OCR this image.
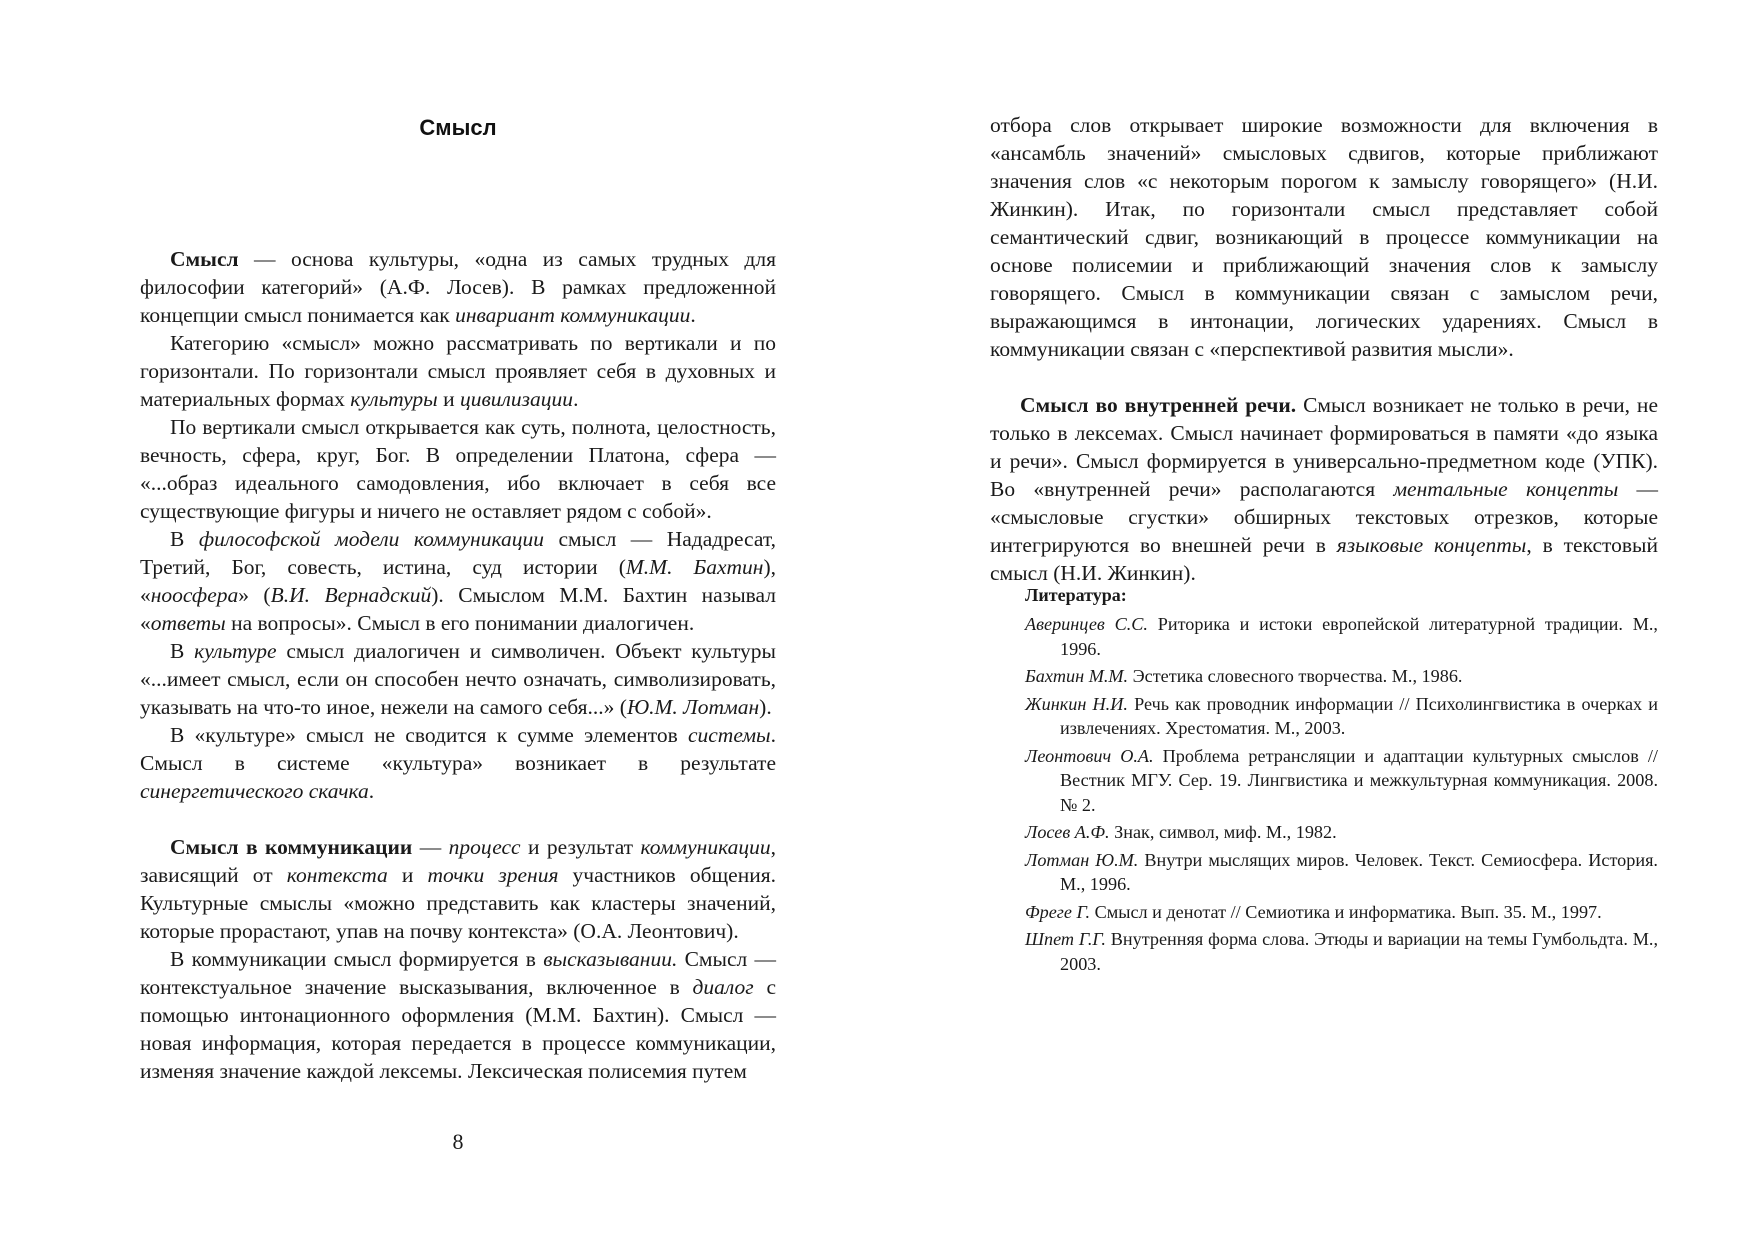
Смысл

Смысл — основа культуры, «одна из самых трудных для философии категорий» (А.Ф. Лосев). В рамках предложенной концепции смысл понимается как инвариант коммуникации.

Категорию «смысл» можно рассматривать по вертикали и по горизонтали. По горизонтали смысл проявляет себя в духовных и материальных формах культуры и цивилизации.

По вертикали смысл открывается как суть, полнота, целостность, вечность, сфера, круг, Бог. В определении Платона, сфера — «...образ идеального самодовления, ибо включает в себя все существующие фигуры и ничего не оставляет рядом с собой».

В философской модели коммуникации смысл — Нададресат, Третий, Бог, совесть, истина, суд истории (М.М. Бахтин), «ноосфера» (В.И. Вернадский). Смыслом М.М. Бахтин называл «ответы на вопросы». Смысл в его понимании диалогичен.

В культуре смысл диалогичен и символичен. Объект культуры «...имеет смысл, если он способен нечто означать, символизировать, указывать на что-то иное, нежели на самого себя...» (Ю.М. Лотман).

В «культуре» смысл не сводится к сумме элементов системы. Смысл в системе «культура» возникает в результате синергетического скачка.

Смысл в коммуникации — процесс и результат коммуникации, зависящий от контекста и точки зрения участников общения. Культурные смыслы «можно представить как кластеры значений, которые прорастают, упав на почву контекста» (О.А. Леонтович).

В коммуникации смысл формируется в высказывании. Смысл — контекстуальное значение высказывания, включенное в диалог с помощью интонационного оформления (М.М. Бахтин). Смысл — новая информация, которая передается в процессе коммуникации, изменяя значение каждой лексемы. Лексическая полисемия путем

8

отбора слов открывает широкие возможности для включения в «ансамбль значений» смысловых сдвигов, которые приближают значения слов «с некоторым порогом к замыслу говорящего» (Н.И. Жинкин). Итак, по горизонтали смысл представляет собой семантический сдвиг, возникающий в процессе коммуникации на основе полисемии и приближающий значения слов к замыслу говорящего. Смысл в коммуникации связан с замыслом речи, выражающимся в интонации, логических ударениях. Смысл в коммуникации связан с «перспективой развития мысли».

Смысл во внутренней речи. Смысл возникает не только в речи, не только в лексемах. Смысл начинает формироваться в памяти «до языка и речи». Смысл формируется в универсально-предметном коде (УПК). Во «внутренней речи» располагаются ментальные концепты — «смысловые сгустки» обширных текстовых отрезков, которые интегрируются во внешней речи в языковые концепты, в текстовый смысл (Н.И. Жинкин).

Литература:
Аверинцев С.С. Риторика и истоки европейской литературной традиции. М., 1996.
Бахтин М.М. Эстетика словесного творчества. М., 1986.
Жинкин Н.И. Речь как проводник информации // Психолингвистика в очерках и извлечениях. Хрестоматия. М., 2003.
Леонтович О.А. Проблема ретрансляции и адаптации культурных смыслов // Вестник МГУ. Сер. 19. Лингвистика и межкультурная коммуникация. 2008. № 2.
Лосев А.Ф. Знак, символ, миф. М., 1982.
Лотман Ю.М. Внутри мыслящих миров. Человек. Текст. Семиосфера. История. М., 1996.
Фреге Г. Смысл и денотат // Семиотика и информатика. Вып. 35. М., 1997.
Шпет Г.Г. Внутренняя форма слова. Этюды и вариации на темы Гумбольдта. М., 2003.
